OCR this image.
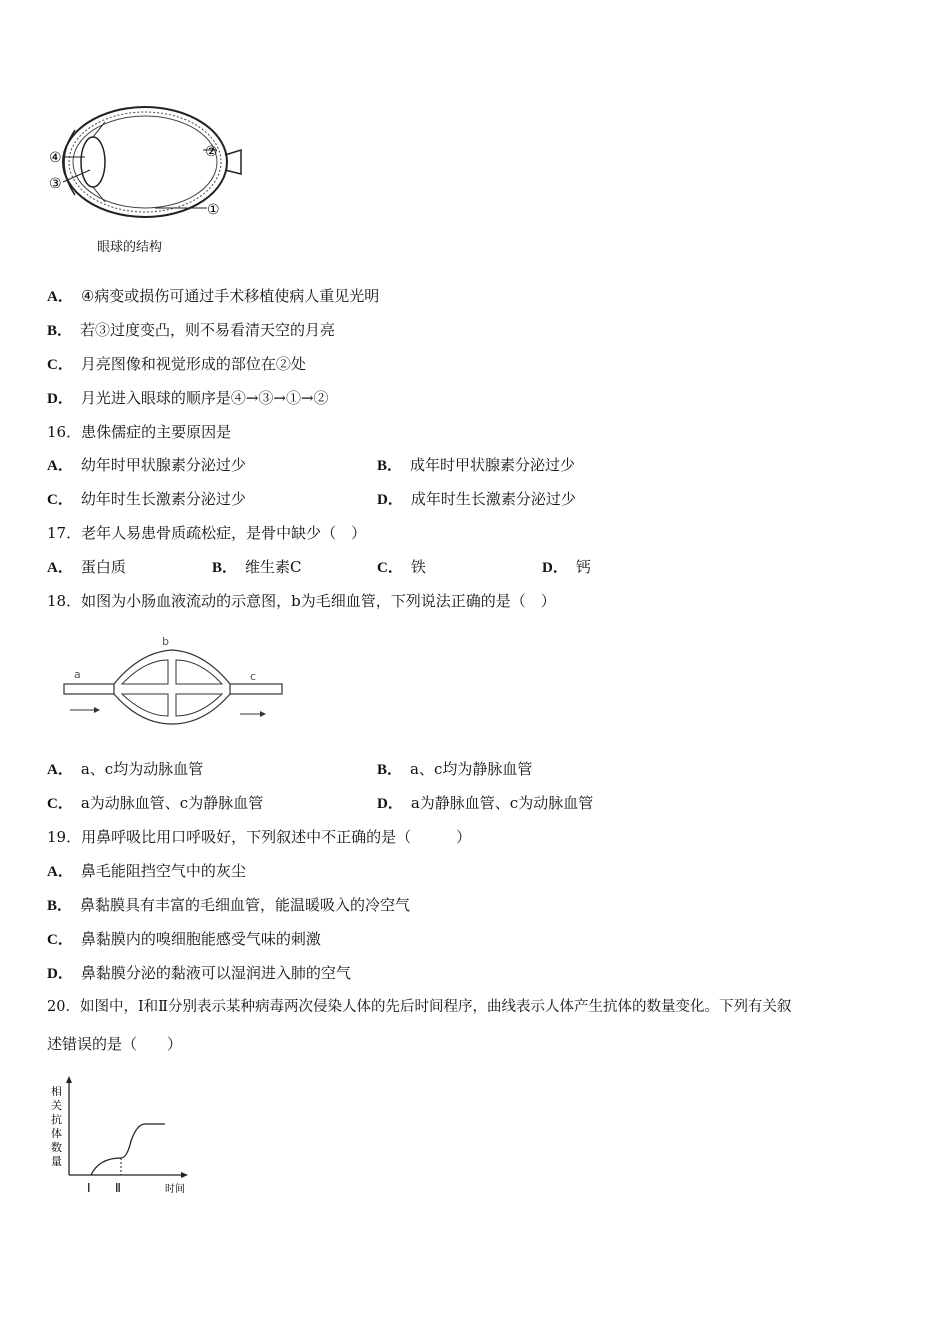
④
③
②
①
眼球的结构
A． ④病变或损伤可通过手术移植使病人重见光明
B． 若③过度变凸，则不易看清天空的月亮
C． 月亮图像和视觉形成的部位在②处
D． 月光进入眼球的顺序是④→③→①→②
16．患侏儒症的主要原因是
A． 幼年时甲状腺素分泌过少	B． 成年时甲状腺素分泌过少
C． 幼年时生长激素分泌过少	D． 成年时生长激素分泌过少
17．老年人易患骨质疏松症，是骨中缺少（　）
A． 蛋白质	B． 维生素C	C． 铁	D． 钙
18．如图为小肠血液流动的示意图，b为毛细血管，下列说法正确的是（　）
a
b
c
A． a、c均为动脉血管	B． a、c均为静脉血管
C． a为动脉血管、c为静脉血管	D． a为静脉血管、c为动脉血管
19．用鼻呼吸比用口呼吸好，下列叙述中不正确的是（　　　）
A． 鼻毛能阻挡空气中的灰尘
B． 鼻黏膜具有丰富的毛细血管，能温暖吸入的冷空气
C． 鼻黏膜内的嗅细胞能感受气味的刺激
D． 鼻黏膜分泌的黏液可以湿润进入肺的空气
20．如图中，Ⅰ和Ⅱ分别表示某种病毒两次侵染人体的先后时间程序，曲线表示人体产生抗体的数量变化。下列有关叙
述错误的是（　　）
相关抗体数量
Ⅰ Ⅱ	时间
